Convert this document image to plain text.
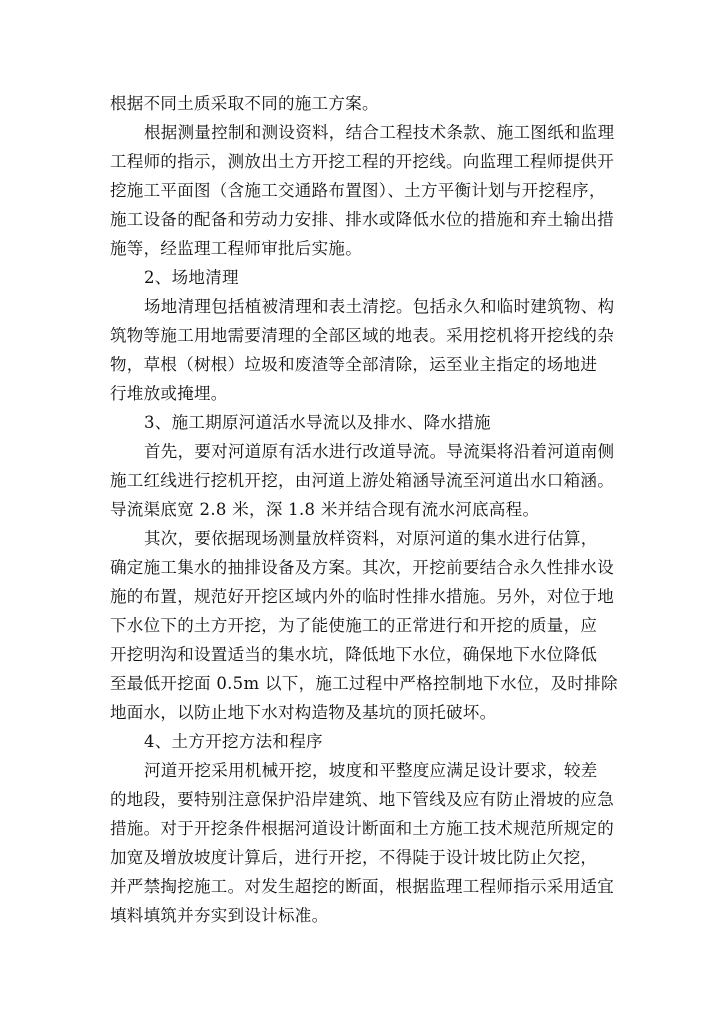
根据不同土质采取不同的施工方案。
根据测量控制和测设资料，结合工程技术条款、施工图纸和监理
工程师的指示，测放出土方开挖工程的开挖线。向监理工程师提供开
挖施工平面图（含施工交通路布置图）、土方平衡计划与开挖程序，
施工设备的配备和劳动力安排、排水或降低水位的措施和弃土输出措
施等，经监理工程师审批后实施。
2、场地清理
场地清理包括植被清理和表土清挖。包括永久和临时建筑物、构
筑物等施工用地需要清理的全部区域的地表。采用挖机将开挖线的杂
物，草根（树根）垃圾和废渣等全部清除，运至业主指定的场地进
行堆放或掩埋。
3、施工期原河道活水导流以及排水、降水措施
首先，要对河道原有活水进行改道导流。导流渠将沿着河道南侧
施工红线进行挖机开挖，由河道上游处箱涵导流至河道出水口箱涵。
导流渠底宽 2.8 米，深 1.8 米并结合现有流水河底高程。
其次，要依据现场测量放样资料，对原河道的集水进行估算，
确定施工集水的抽排设备及方案。其次，开挖前要结合永久性排水设
施的布置，规范好开挖区域内外的临时性排水措施。另外，对位于地
下水位下的土方开挖，为了能使施工的正常进行和开挖的质量，应
开挖明沟和设置适当的集水坑，降低地下水位，确保地下水位降低
至最低开挖面 0.5m 以下，施工过程中严格控制地下水位，及时排除
地面水，以防止地下水对构造物及基坑的顶托破坏。
4、土方开挖方法和程序
河道开挖采用机械开挖，坡度和平整度应满足设计要求，较差
的地段，要特别注意保护沿岸建筑、地下管线及应有防止滑坡的应急
措施。对于开挖条件根据河道设计断面和土方施工技术规范所规定的
加宽及增放坡度计算后，进行开挖，不得陡于设计坡比防止欠挖，
并严禁掏挖施工。对发生超挖的断面，根据监理工程师指示采用适宜
填料填筑并夯实到设计标准。
